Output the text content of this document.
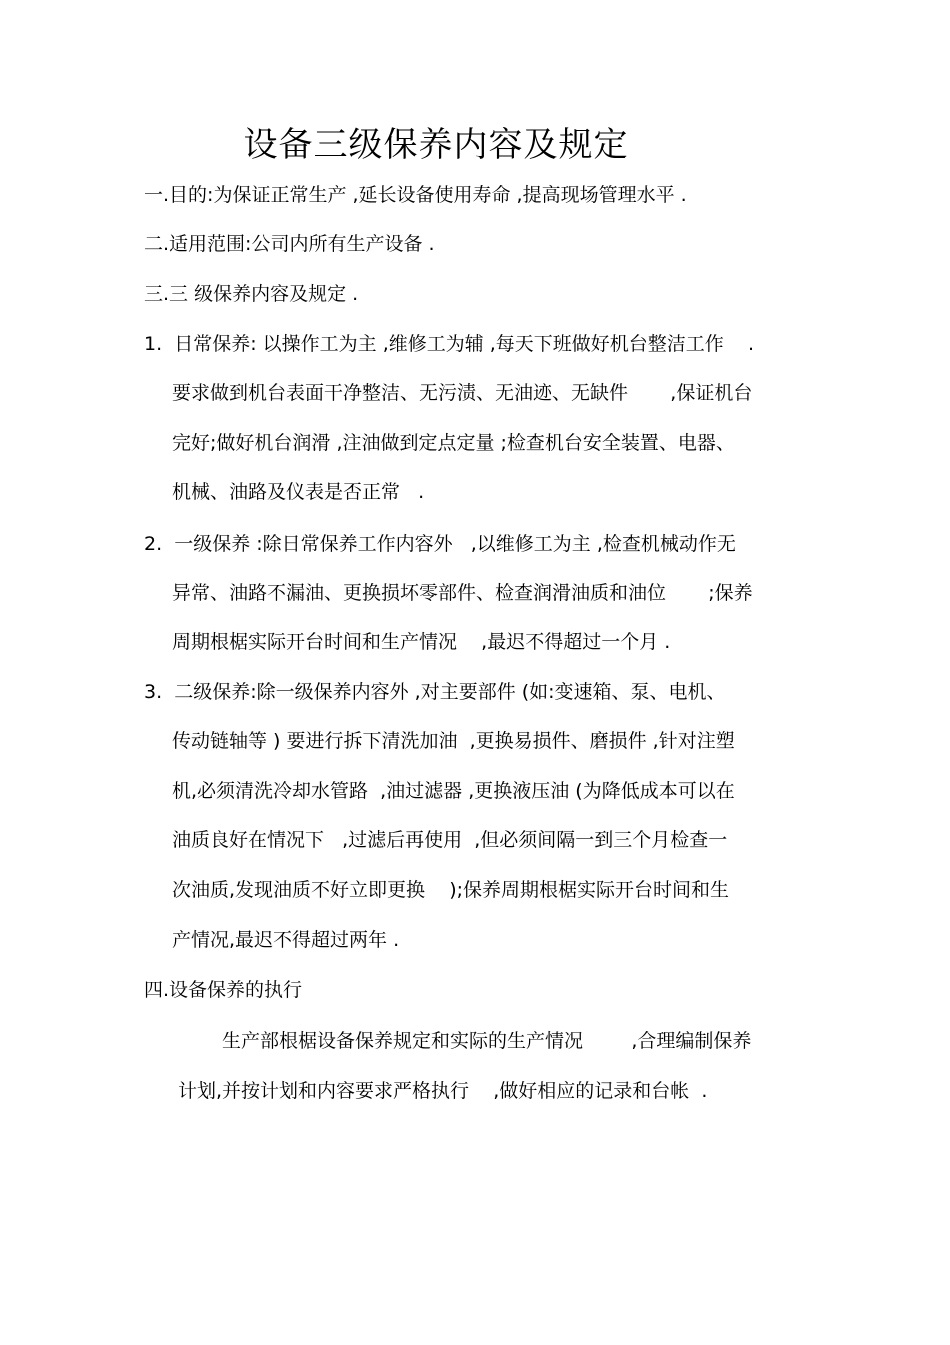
设备三级保养内容及规定
一.目的:为保证正常生产 ,延长设备使用寿命 ,提高现场管理水平 .
二.适用范围:公司内所有生产设备 .
三.三 级保养内容及规定 .
1.  日常保养: 以操作工为主 ,维修工为辅 ,每天下班做好机台整洁工作    .
要求做到机台表面干净整洁、无污渍、无油迹、无缺件       ,保证机台
完好;做好机台润滑 ,注油做到定点定量 ;检查机台安全装置、电器、
机械、油路及仪表是否正常   .
2.  一级保养 :除日常保养工作内容外   ,以维修工为主 ,检查机械动作无
异常、油路不漏油、更换损坏零部件、检查润滑油质和油位       ;保养
周期根椐实际开台时间和生产情况    ,最迟不得超过一个月 .
3.  二级保养:除一级保养内容外 ,对主要部件 (如:变速箱、泵、电机、
传动链轴等 ) 要进行拆下清洗加油  ,更换易损件、磨损件 ,针对注塑
机,必须清洗冷却水管路  ,油过滤器 ,更换液压油 (为降低成本可以在
油质良好在情况下   ,过滤后再使用  ,但必须间隔一到三个月检查一
次油质,发现油质不好立即更换    );保养周期根椐实际开台时间和生
产情况,最迟不得超过两年 .
四.设备保养的执行
生产部根椐设备保养规定和实际的生产情况        ,合理编制保养
计划,并按计划和内容要求严格执行    ,做好相应的记录和台帐  .
